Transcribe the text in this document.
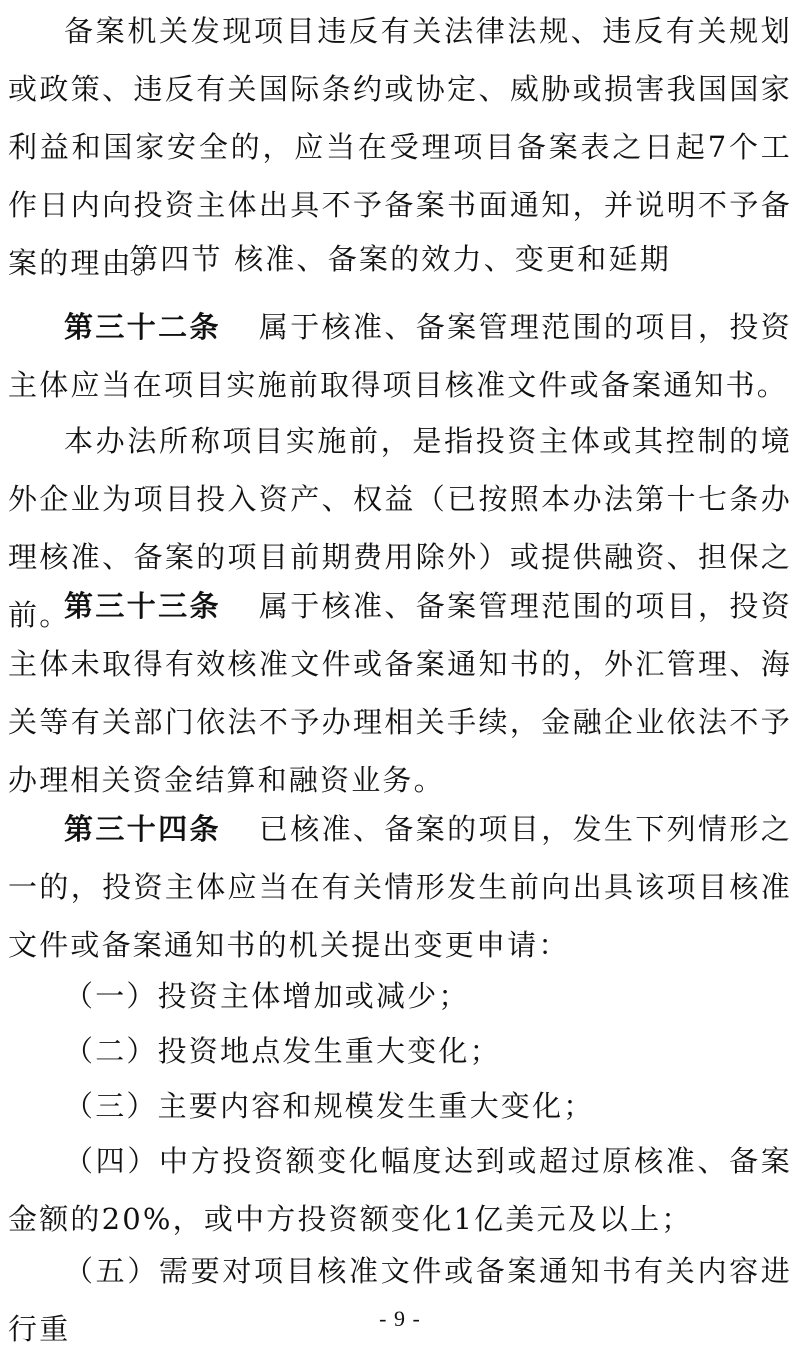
备案机关发现项目违反有关法律法规、违反有关规划或政策、违反有关国际条约或协定、威胁或损害我国国家利益和国家安全的，应当在受理项目备案表之日起7个工作日内向投资主体出具不予备案书面通知，并说明不予备案的理由。

第四节 核准、备案的效力、变更和延期

第三十二条 属于核准、备案管理范围的项目，投资主体应当在项目实施前取得项目核准文件或备案通知书。

本办法所称项目实施前，是指投资主体或其控制的境外企业为项目投入资产、权益（已按照本办法第十七条办理核准、备案的项目前期费用除外）或提供融资、担保之前。

第三十三条 属于核准、备案管理范围的项目，投资主体未取得有效核准文件或备案通知书的，外汇管理、海关等有关部门依法不予办理相关手续，金融企业依法不予办理相关资金结算和融资业务。

第三十四条 已核准、备案的项目，发生下列情形之一的，投资主体应当在有关情形发生前向出具该项目核准文件或备案通知书的机关提出变更申请：

（一）投资主体增加或减少；

（二）投资地点发生重大变化；

（三）主要内容和规模发生重大变化；

（四）中方投资额变化幅度达到或超过原核准、备案金额的20%，或中方投资额变化1亿美元及以上；

（五）需要对项目核准文件或备案通知书有关内容进行重	- 9 -
